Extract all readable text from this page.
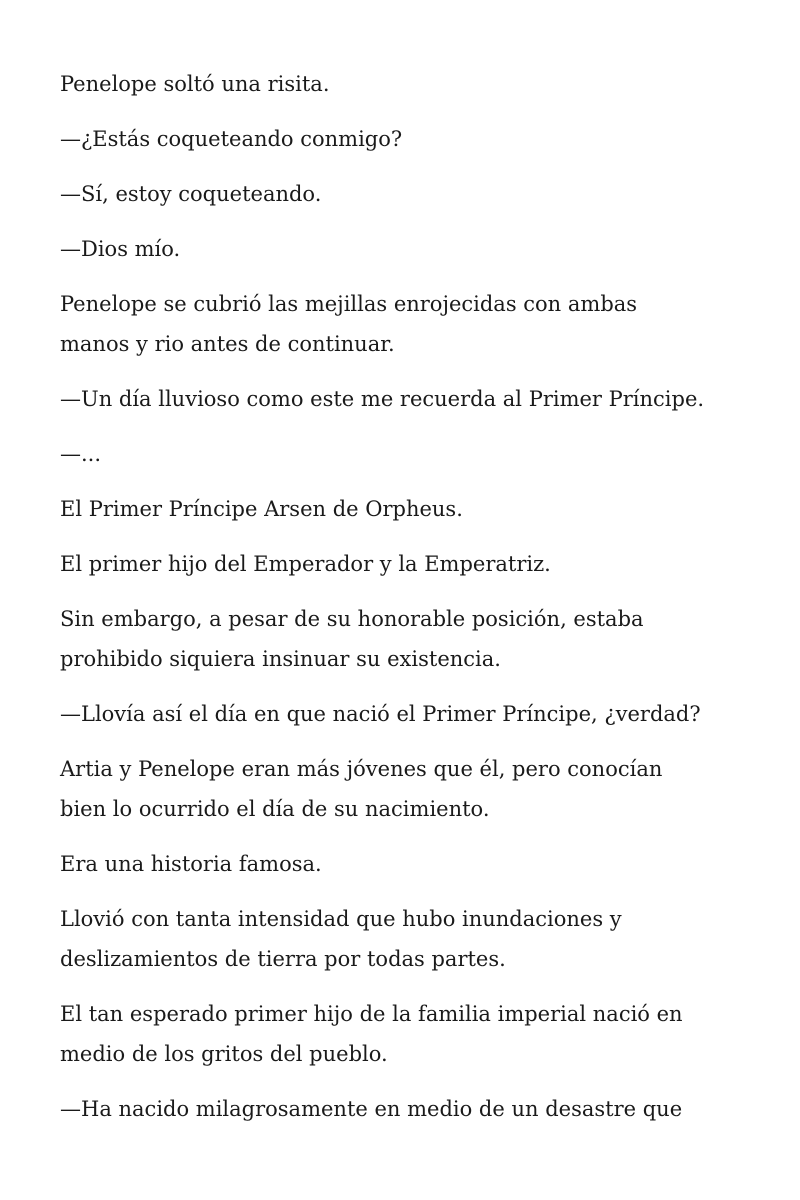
Penelope soltó una risita.

—¿Estás coqueteando conmigo?

—Sí, estoy coqueteando.

—Dios mío.

Penelope se cubrió las mejillas enrojecidas con ambas
manos y rio antes de continuar.

—Un día lluvioso como este me recuerda al Primer Príncipe.

—...

El Primer Príncipe Arsen de Orpheus.

El primer hijo del Emperador y la Emperatriz.

Sin embargo, a pesar de su honorable posición, estaba
prohibido siquiera insinuar su existencia.

—Llovía así el día en que nació el Primer Príncipe, ¿verdad?

Artia y Penelope eran más jóvenes que él, pero conocían
bien lo ocurrido el día de su nacimiento.

Era una historia famosa.

Llovió con tanta intensidad que hubo inundaciones y
deslizamientos de tierra por todas partes.

El tan esperado primer hijo de la familia imperial nació en
medio de los gritos del pueblo.

—Ha nacido milagrosamente en medio de un desastre que
